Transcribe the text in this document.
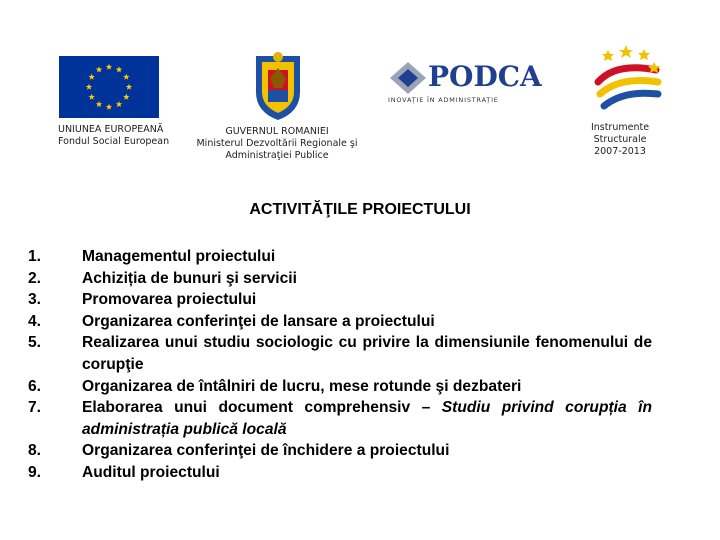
UNIUNEA EUROPEANĂ
Fondul Social European
GUVERNUL ROMANIEI
Ministerul Dezvoltării Regionale şi
Administraţiei Publice
PODCA
INOVAȚIE ÎN ADMINISTRAȚIE
Instrumente
Structurale
2007-2013
ACTIVITĂŢILE PROIECTULUI
1.	Managementul proiectului
2.	Achiziția de bunuri şi servicii
3.	Promovarea proiectului
4.	Organizarea conferinţei de lansare a proiectului
5.	Realizarea unui studiu sociologic cu privire la dimensiunile fenomenului de corupţie
6.	Organizarea de întâlniri de lucru, mese rotunde şi dezbateri
7.	Elaborarea unui document comprehensiv – Studiu privind corupția în administrația publică locală
8.	Organizarea conferinţei de închidere a proiectului
9.	Auditul proiectului
